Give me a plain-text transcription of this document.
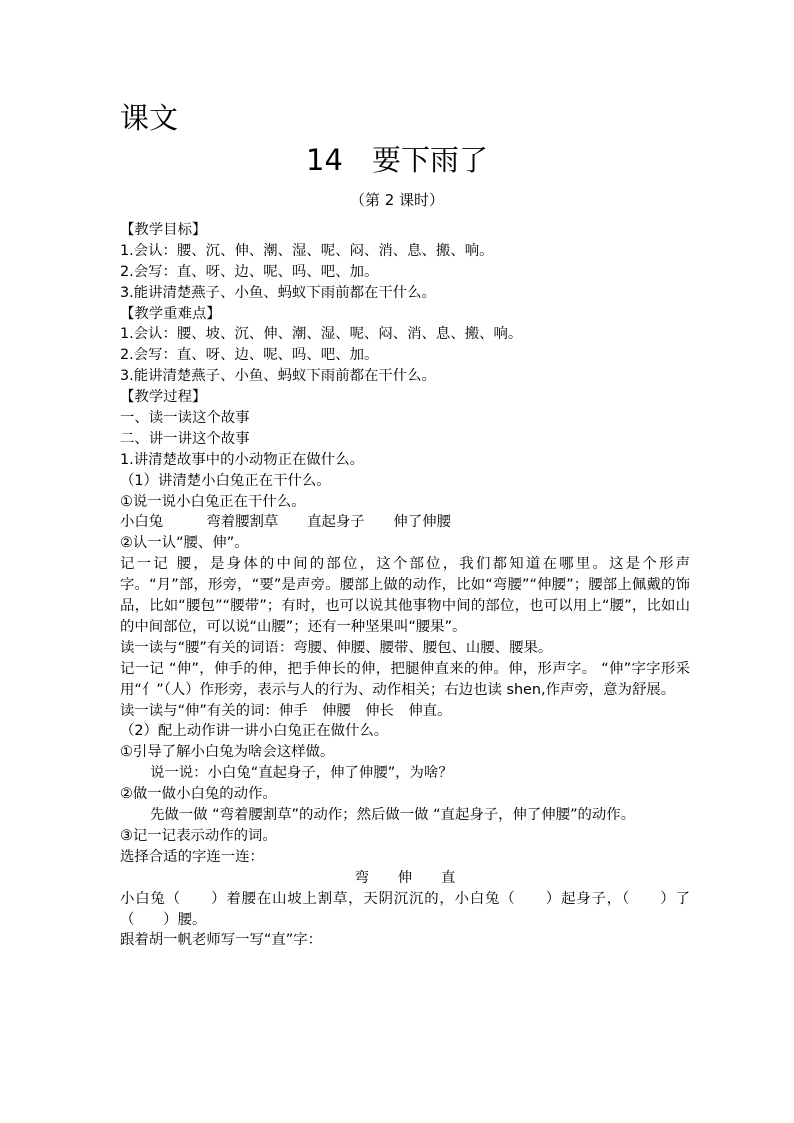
课文
14　要下雨了
（第 2 课时）
【教学目标】
1.会认：腰、沉、伸、潮、湿、呢、闷、消、息、搬、响。
2.会写：直、呀、边、呢、吗、吧、加。
3.能讲清楚燕子、小鱼、蚂蚁下雨前都在干什么。
【教学重难点】
1.会认：腰、坡、沉、伸、潮、湿、呢、闷、消、息、搬、响。
2.会写：直、呀、边、呢、吗、吧、加。
3.能讲清楚燕子、小鱼、蚂蚁下雨前都在干什么。
【教学过程】
一、读一读这个故事
二、讲一讲这个故事
1.讲清楚故事中的小动物正在做什么。
（1）讲清楚小白兔正在干什么。
①说一说小白兔正在干什么。
小白兔　　　弯着腰割草　　直起身子　　伸了伸腰
②认一认“腰、伸”。
记一记 腰，是身体的中间的部位，这个部位，我们都知道在哪里。这是个形声字。“月”部，形旁，“要”是声旁。腰部上做的动作，比如“弯腰”“伸腰”；腰部上佩戴的饰品，比如“腰包”“腰带”；有时，也可以说其他事物中间的部位，也可以用上“腰”，比如山的中间部位，可以说“山腰”；还有一种坚果叫“腰果”。
读一读与“腰”有关的词语：弯腰、伸腰、腰带、腰包、山腰、腰果。
记一记 “伸”，伸手的伸，把手伸长的伸，把腿伸直来的伸。伸，形声字。 “伸”字字形采用“亻”（人）作形旁，表示与人的行为、动作相关；右边也读 shen,作声旁，意为舒展。
读一读与“伸”有关的词：伸手　伸腰　伸长　伸直。
（2）配上动作讲一讲小白兔正在做什么。
①引导了解小白兔为啥会这样做。
说一说：小白兔“直起身子，伸了伸腰”，为啥？
②做一做小白兔的动作。
先做一做 “弯着腰割草”的动作；然后做一做 “直起身子，伸了伸腰”的动作。
③记一记表示动作的词。
选择合适的字连一连：
弯　　伸　　直
小白兔（　　）着腰在山坡上割草，天阴沉沉的，小白兔（　　）起身子，（　　）了（　　）腰。
跟着胡一帆老师写一写“直”字：
